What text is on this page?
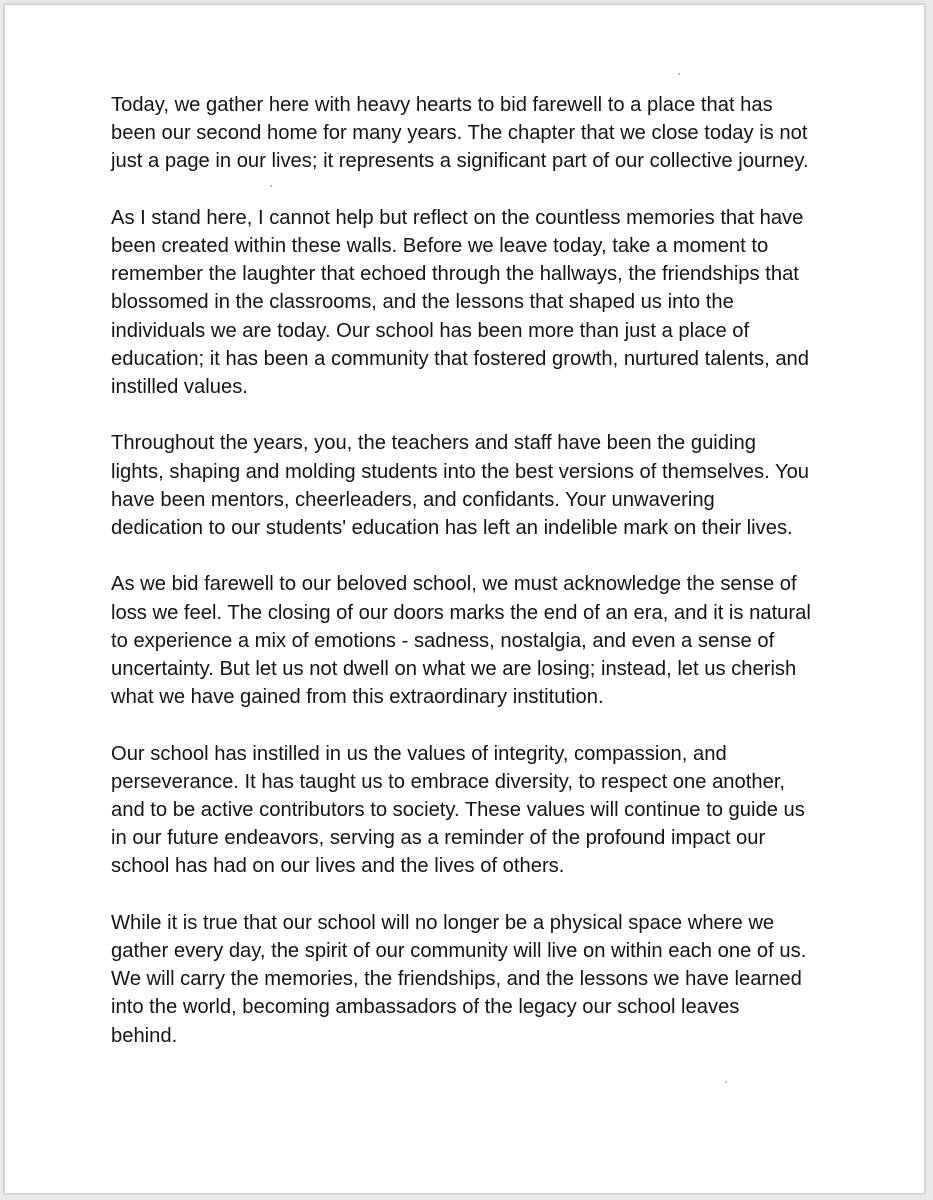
Today, we gather here with heavy hearts to bid farewell to a place that has been our second home for many years. The chapter that we close today is not just a page in our lives; it represents a significant part of our collective journey.

As I stand here, I cannot help but reflect on the countless memories that have been created within these walls. Before we leave today, take a moment to remember the laughter that echoed through the hallways, the friendships that blossomed in the classrooms, and the lessons that shaped us into the individuals we are today. Our school has been more than just a place of education; it has been a community that fostered growth, nurtured talents, and instilled values.

Throughout the years, you, the teachers and staff have been the guiding lights, shaping and molding students into the best versions of themselves. You have been mentors, cheerleaders, and confidants. Your unwavering dedication to our students' education has left an indelible mark on their lives.

As we bid farewell to our beloved school, we must acknowledge the sense of loss we feel. The closing of our doors marks the end of an era, and it is natural to experience a mix of emotions - sadness, nostalgia, and even a sense of uncertainty. But let us not dwell on what we are losing; instead, let us cherish what we have gained from this extraordinary institution.

Our school has instilled in us the values of integrity, compassion, and perseverance. It has taught us to embrace diversity, to respect one another, and to be active contributors to society. These values will continue to guide us in our future endeavors, serving as a reminder of the profound impact our school has had on our lives and the lives of others.

While it is true that our school will no longer be a physical space where we gather every day, the spirit of our community will live on within each one of us. We will carry the memories, the friendships, and the lessons we have learned into the world, becoming ambassadors of the legacy our school leaves behind.
